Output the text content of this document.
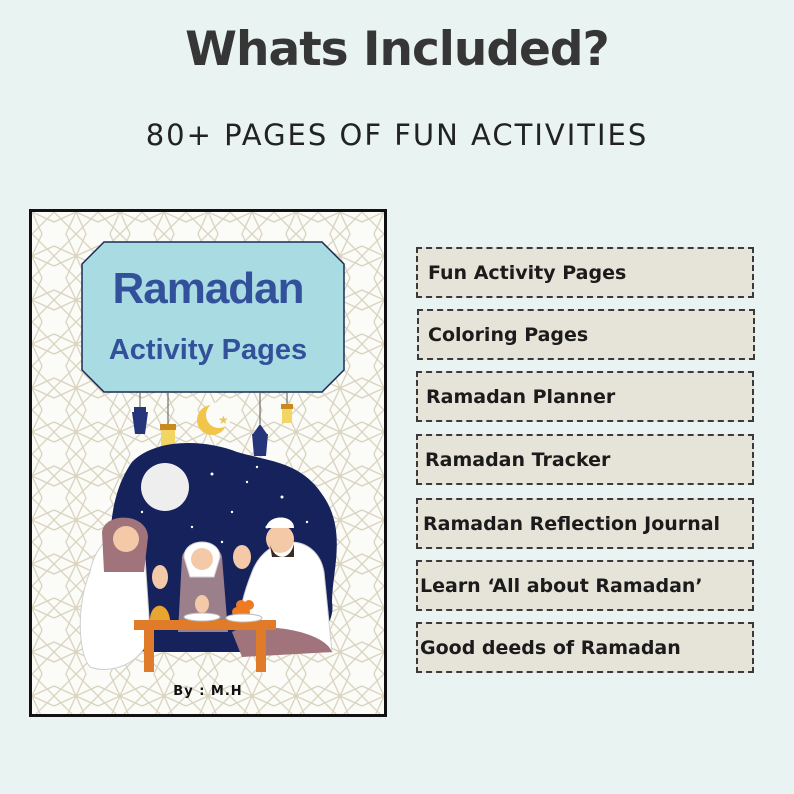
Whats Included?
80+ PAGES OF FUN ACTIVITIES
★
Ramadan
Activity Pages
By : M.H
Fun Activity Pages
Coloring Pages
Ramadan Planner
Ramadan Tracker
Ramadan Reflection Journal
Learn ‘All about Ramadan’
Good deeds of Ramadan
